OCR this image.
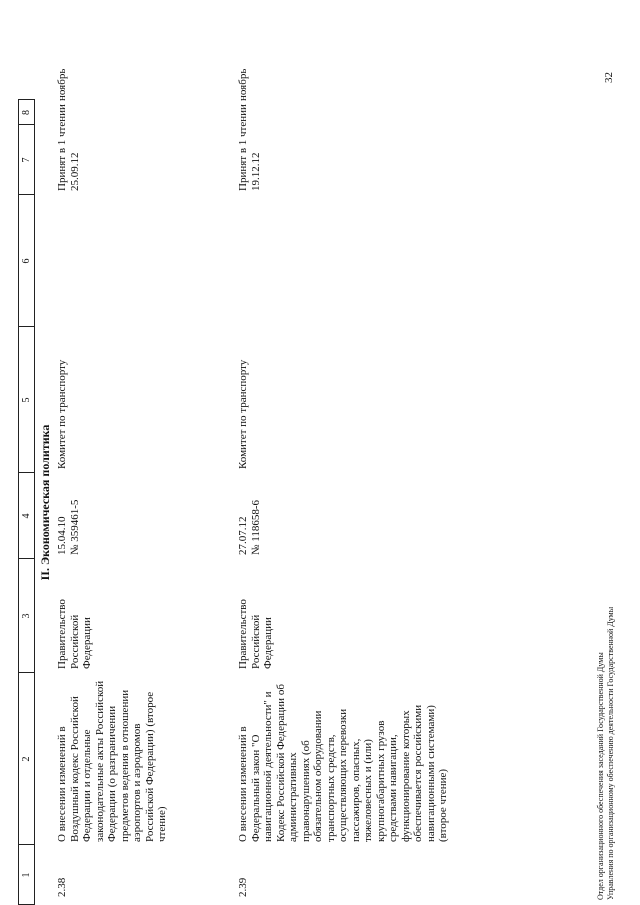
1
2
3
4
5
6
7
8
II. Экономическая политика
2.38
О внесении изменений в Воздушный кодекс Российской Федерации и отдельные законодательные акты Российской Федерации (о разграничении предметов ведения в отношении аэропортов и аэродромов Российской Федерации) (второе чтение)
Правительство Российской Федерации
15.04.10 № 359461-5
Комитет по транспорту
Принят в 1 чтении 25.09.12
ноябрь
2.39
О внесении изменений в Федеральный закон "О навигационной деятельности" и Кодекс Российской Федерации об административных правонарушениях (об обязательном оборудовании транспортных средств, осуществляющих перевозки пассажиров, опасных, тяжеловесных и (или) крупногабаритных грузов средствами навигации, функционирование которых обеспечивается российскими навигационными системами) (второе чтение)
Правительство Российской Федерации
27.07.12 № 118658-6
Комитет по транспорту
Принят в 1 чтении 19.12.12
ноябрь
Отдел организационного обеспечения заседаний Государственной Думы Управления по организационному обеспечению деятельности Государственной Думы
32
